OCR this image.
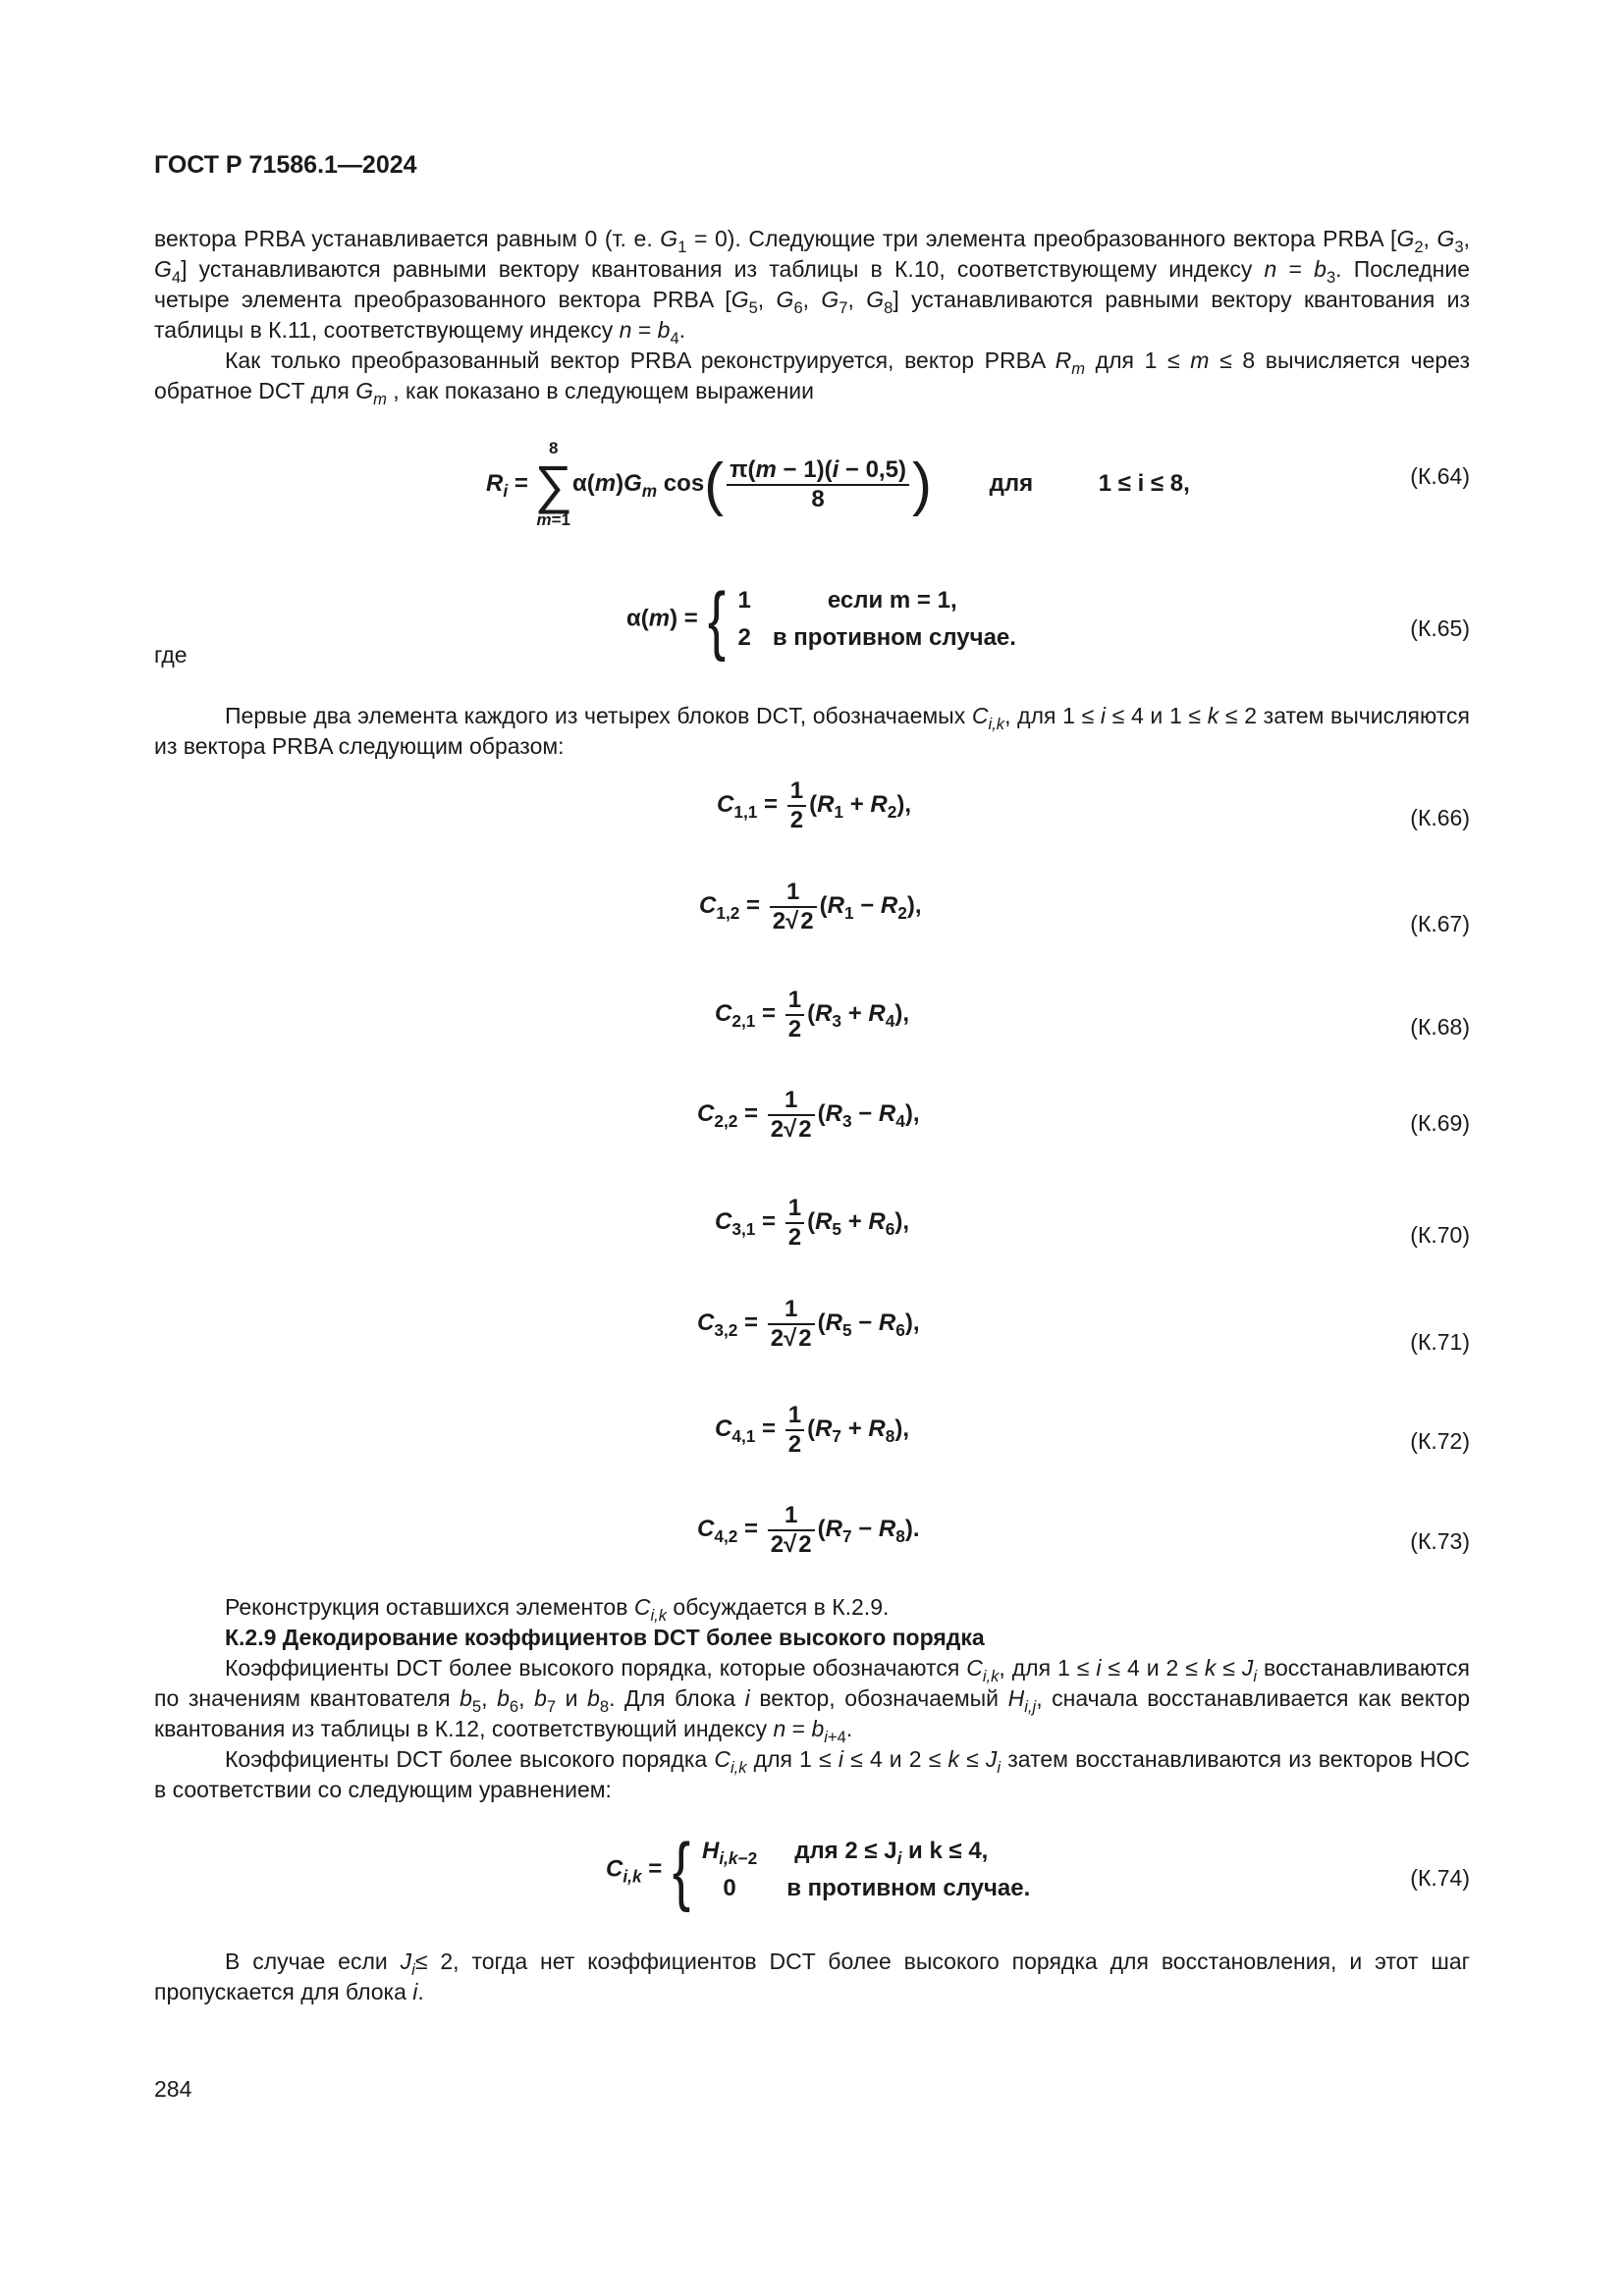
ГОСТ Р 71586.1—2024
вектора PRBA устанавливается равным 0 (т. е. $G_1 = 0$). Следующие три элемента преобразованного вектора PRBA [$G_2$, $G_3$, $G_4$] устанавливаются равными вектору квантования из таблицы в К.10, соответствующему индексу $n = b_3$. Последние четыре элемента преобразованного вектора PRBA [$G_5$, $G_6$, $G_7$, $G_8$] устанавливаются равными вектору квантования из таблицы в К.11, соответствующему индексу $n = b_4$.
Как только преобразованный вектор PRBA реконструируется, вектор PRBA $R_m$ для 1 ≤ m ≤ 8 вычисляется через обратное DCT для $G_m$ , как показано в следующем выражении
$R_i$ =
8
∑
m=1
$\alpha(m)G_m$ $\cos( \frac{\pi(m - 1)(i - 0,5)}{8}$ ) для	1 ≤ i ≤ 8,	(К.64)
α(m) = { 1	если m = 1,
2	в противном случае.	(К.65)
где
Первые два элемента каждого из четырех блоков DCT, обозначаемых $C_{i,k}$, для 1 ≤ i ≤ 4 и 1 ≤ k ≤ 2 затем вычисляются из вектора PRBA следующим образом:
$C_{1,1} = \frac{1}{2} (R_1 + R_2)$,
(К.66)
$C_{1,2} = \frac{1}{2√2} (R_1 - R_2)$,
(К.67)
$C_{2,1} = \frac{1}{2} (R_3 + R_4)$,
(К.68)
$C_{2,2} = \frac{1}{2√2} (R_3 - R_4)$,	(К.69)
$C_{3,1} = \frac{1}{2} (R_5 + R_6)$,
(К.70)
$C_{3,2} = \frac{1}{2√2} (R_5 - R_6)$,
(К.71)
$C_{4,1} = \frac{1}{2} (R_7 + R_8)$,	(К.72)
$C_{4,2} = \frac{1}{2√2} (R_7 - R_8)$.	(К.73)
Реконструкция оставшихся элементов $C_{i,k}$ обсуждается в К.2.9.
К.2.9 Декодирование коэффициентов DCT более высокого порядка
Коэффициенты DCT более высокого порядка, которые обозначаются $C_{i,k}$, для 1 ≤ i ≤ 4 и $2 \le k \le J_i$ восстанавливаются по значениям квантователя $b_5$, $b_6$, $b_7$ и $b_8$. Для блока i вектор, обозначаемый $H_{i,j}$, сначала восстанавливается как вектор квантования из таблицы в К.12, соответствующий индексу $n = b_{i+4}$.
Коэффициенты DCT более высокого порядка $C_{i,k}$ для 1 ≤ i ≤ 4 и $2 \le k \le J_i$ затем восстанавливаются из векторов HOC в соответствии со следующим уравнением:
$C_{i,k}$ = { $H_{i,k-2}$	для $2 \le J_i$ и k ≤ 4,
0	в противном случае.	(К.74)
В случае если $J_i\le 2$, тогда нет коэффициентов DCT более высокого порядка для восстановления, и этот шаг пропускается для блока i.
284
